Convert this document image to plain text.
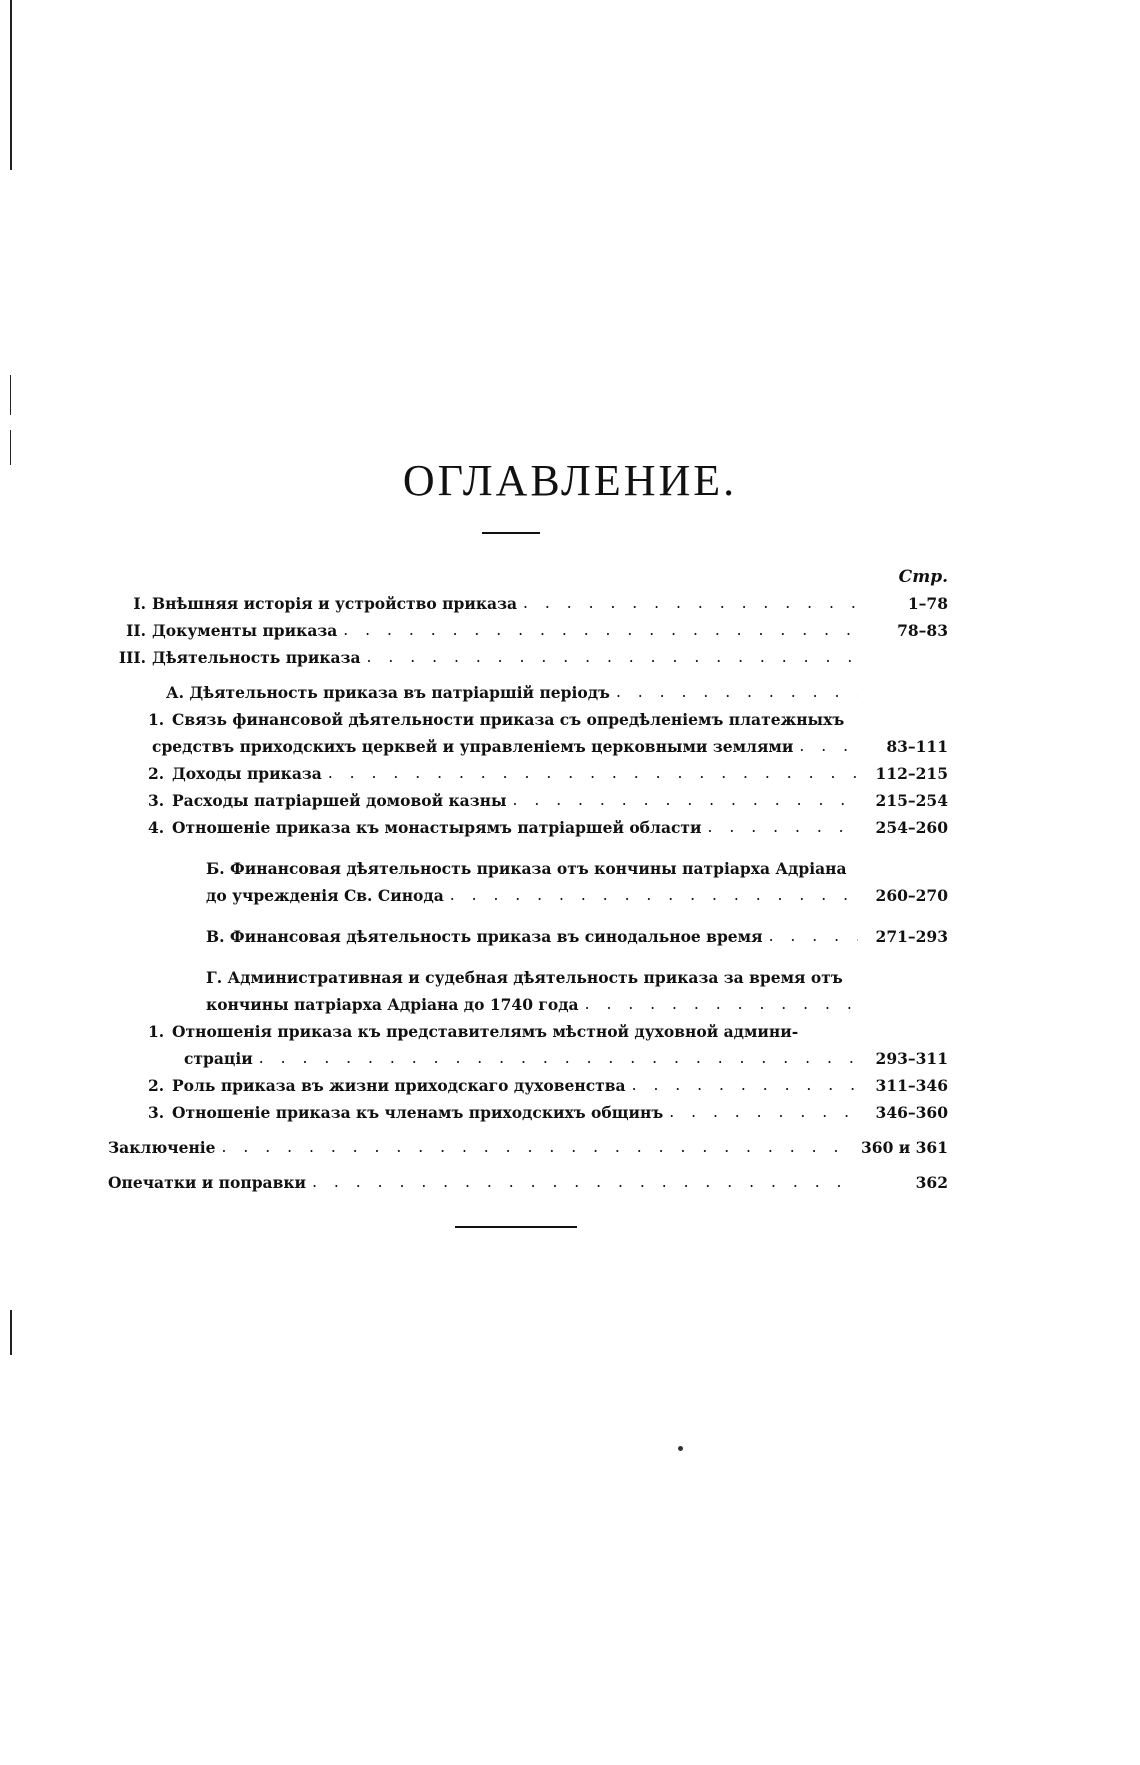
ОГЛАВЛЕНИЕ.
Стр.
I. Внѣшняя исторія и устройство приказа . . .	1–78
II. Документы приказа . . .	78–83
III. Дѣятельность приказа
. . .
А. Дѣятельность приказа въ патріаршій періодъ
. . .
1. Связь финансовой дѣятельности приказа съ опредѣленіемъ платежныхъ
средствъ приходскихъ церквей и управленіемъ церковными землями . . .	83–111
2. Доходы приказа . . .	112–215
3. Расходы патріаршей домовой казны . . .	215–254
4. Отношеніе приказа къ монастырямъ патріаршей области . . .	254–260
Б. Финансовая дѣятельность приказа отъ кончины патріарха Адріана
до учрежденія Св. Синода . . .	260–270
В. Финансовая дѣятельность приказа въ синодальное время . . .	271–293
Г. Административная и судебная дѣятельность приказа за время отъ
кончины патріарха Адріана до 1740 года
. . .
1. Отношенія приказа къ представителямъ мѣстной духовной админи-
страціи . . .	293–311
2. Роль приказа въ жизни приходскаго духовенства . . .	311–346
3. Отношеніе приказа къ членамъ приходскихъ общинъ . . .	346–360
Заключеніе . . .	360 и 361
Опечатки и поправки . . .	362
